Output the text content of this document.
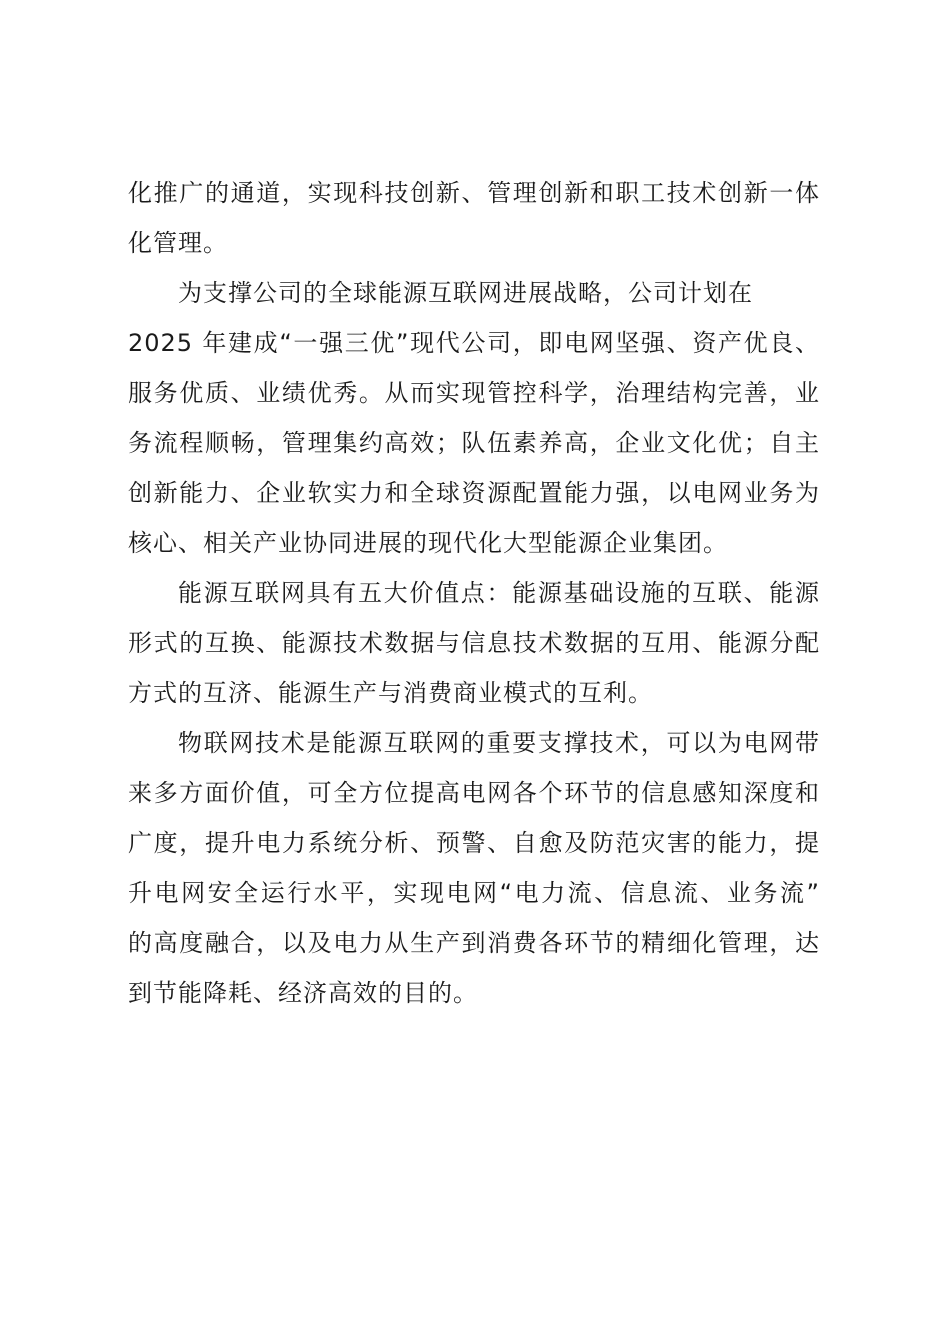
化推广的通道，实现科技创新、管理创新和职工技术创新一体
化管理。
为支撑公司的全球能源互联网进展战略，公司计划在
2025 年建成“一强三优”现代公司，即电网坚强、资产优良、
服务优质、业绩优秀。从而实现管控科学，治理结构完善，业
务流程顺畅，管理集约高效；队伍素养高，企业文化优；自主
创新能力、企业软实力和全球资源配置能力强，以电网业务为
核心、相关产业协同进展的现代化大型能源企业集团。
能源互联网具有五大价值点：能源基础设施的互联、能源
形式的互换、能源技术数据与信息技术数据的互用、能源分配
方式的互济、能源生产与消费商业模式的互利。
物联网技术是能源互联网的重要支撑技术，可以为电网带
来多方面价值，可全方位提高电网各个环节的信息感知深度和
广度，提升电力系统分析、预警、自愈及防范灾害的能力，提
升电网安全运行水平，实现电网“电力流、信息流、业务流”
的高度融合，以及电力从生产到消费各环节的精细化管理，达
到节能降耗、经济高效的目的。
